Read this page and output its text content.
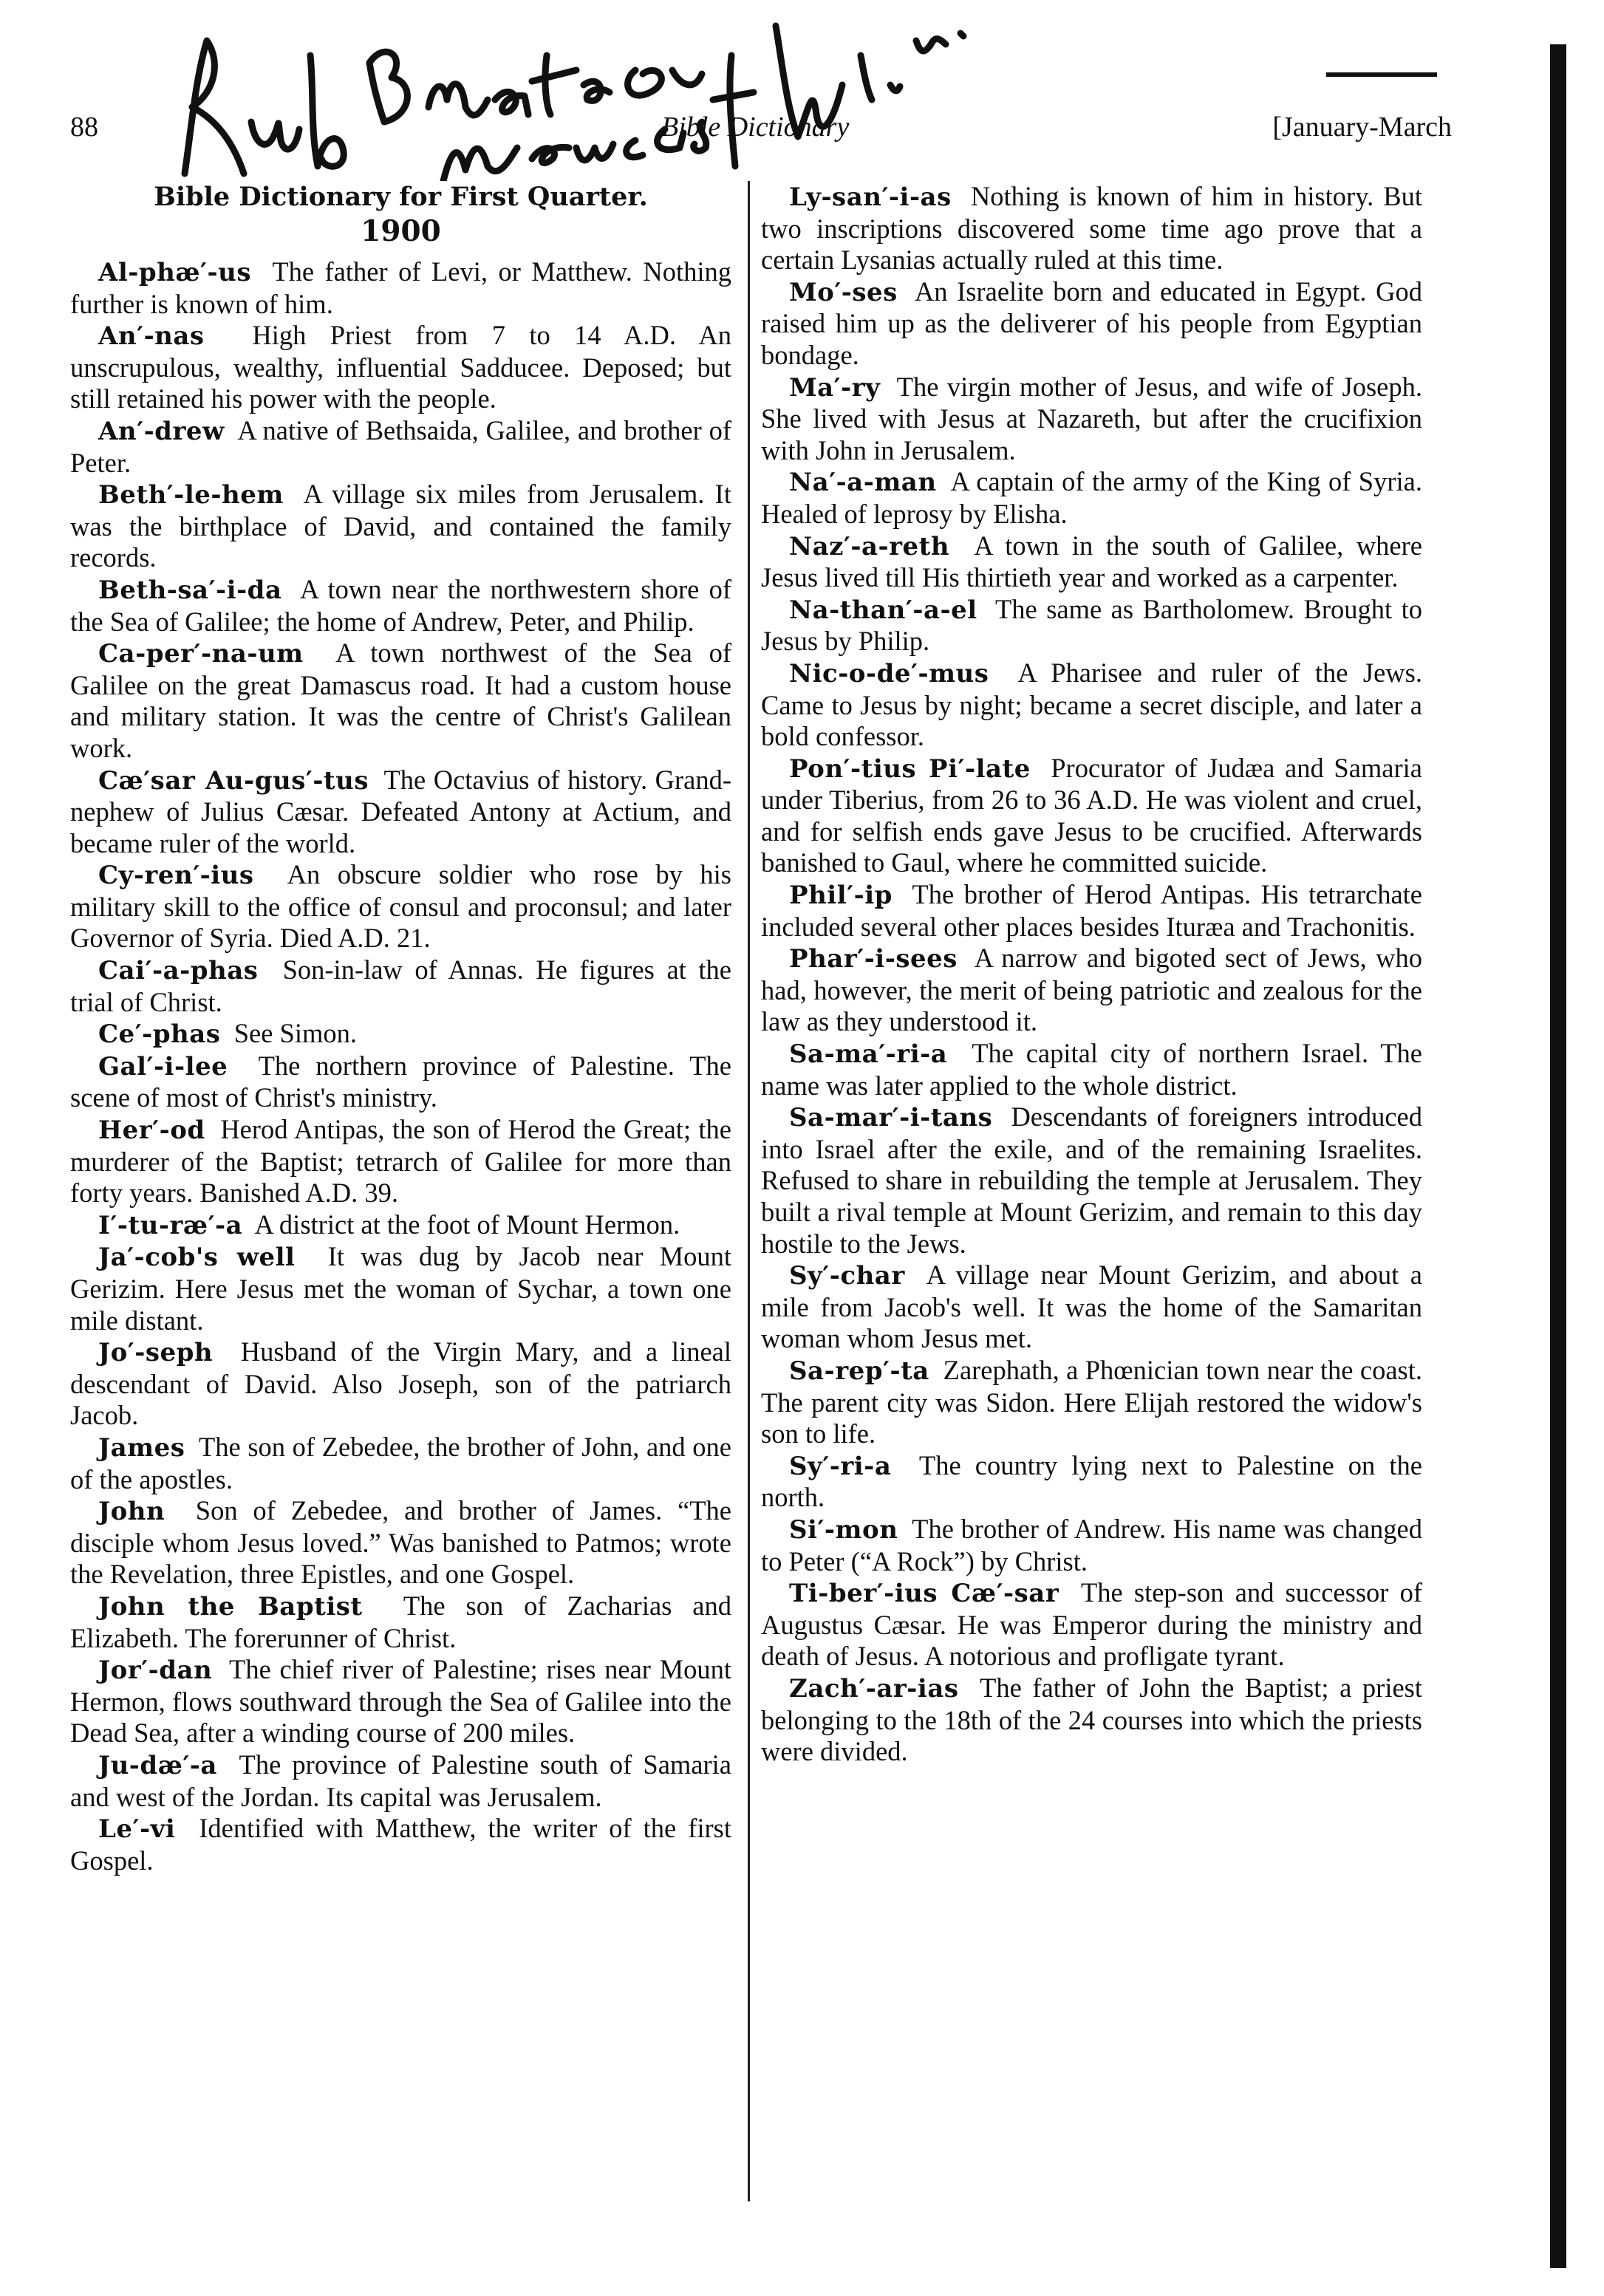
88	Bible Dictionary	[January-March
Bible Dictionary for First Quarter.
1900

Al-phæ′-us The father of Levi, or Matthew. Nothing further is known of him.

An′-nas High Priest from 7 to 14 A.D. An unscrupulous, wealthy, influential Sadducee. Deposed; but still retained his power with the people.

An′-drew A native of Bethsaida, Galilee, and brother of Peter.

Beth′-le-hem A village six miles from Jerusalem. It was the birthplace of David, and contained the family records.

Beth-sa′-i-da A town near the northwestern shore of the Sea of Galilee; the home of Andrew, Peter, and Philip.

Ca-per′-na-um A town northwest of the Sea of Galilee on the great Damascus road. It had a custom house and military station. It was the centre of Christ's Galilean work.

Cæ′sar Au-gus′-tus The Octavius of history. Grand-nephew of Julius Cæsar. Defeated Antony at Actium, and became ruler of the world.

Cy-ren′-ius An obscure soldier who rose by his military skill to the office of consul and proconsul; and later Governor of Syria. Died A.D. 21.

Cai′-a-phas Son-in-law of Annas. He figures at the trial of Christ.

Ce′-phas See Simon.

Gal′-i-lee The northern province of Palestine. The scene of most of Christ's ministry.

Her′-od Herod Antipas, the son of Herod the Great; the murderer of the Baptist; tetrarch of Galilee for more than forty years. Banished A.D. 39.

I′-tu-ræ′-a A district at the foot of Mount Hermon.

Ja′-cob's well It was dug by Jacob near Mount Gerizim. Here Jesus met the woman of Sychar, a town one mile distant.

Jo′-seph Husband of the Virgin Mary, and a lineal descendant of David. Also Joseph, son of the patriarch Jacob.

James The son of Zebedee, the brother of John, and one of the apostles.

John Son of Zebedee, and brother of James. “The disciple whom Jesus loved.” Was banished to Patmos; wrote the Revelation, three Epistles, and one Gospel.

John the Baptist The son of Zacharias and Elizabeth. The forerunner of Christ.

Jor′-dan The chief river of Palestine; rises near Mount Hermon, flows southward through the Sea of Galilee into the Dead Sea, after a winding course of 200 miles.

Ju-dæ′-a The province of Palestine south of Samaria and west of the Jordan. Its capital was Jerusalem.

Le′-vi Identified with Matthew, the writer of the first Gospel.

Ly-san′-i-as Nothing is known of him in history. But two inscriptions discovered some time ago prove that a certain Lysanias actually ruled at this time.

Mo′-ses An Israelite born and educated in Egypt. God raised him up as the deliverer of his people from Egyptian bondage.

Ma′-ry The virgin mother of Jesus, and wife of Joseph. She lived with Jesus at Nazareth, but after the crucifixion with John in Jerusalem.

Na′-a-man A captain of the army of the King of Syria. Healed of leprosy by Elisha.

Naz′-a-reth A town in the south of Galilee, where Jesus lived till His thirtieth year and worked as a carpenter.

Na-than′-a-el The same as Bartholomew. Brought to Jesus by Philip.

Nic-o-de′-mus A Pharisee and ruler of the Jews. Came to Jesus by night; became a secret disciple, and later a bold confessor.

Pon′-tius Pi′-late Procurator of Judæa and Samaria under Tiberius, from 26 to 36 A.D. He was violent and cruel, and for selfish ends gave Jesus to be crucified. Afterwards banished to Gaul, where he committed suicide.

Phil′-ip The brother of Herod Antipas. His tetrarchate included several other places besides Ituræa and Trachonitis.

Phar′-i-sees A narrow and bigoted sect of Jews, who had, however, the merit of being patriotic and zealous for the law as they understood it.

Sa-ma′-ri-a The capital city of northern Israel. The name was later applied to the whole district.

Sa-mar′-i-tans Descendants of foreigners introduced into Israel after the exile, and of the remaining Israelites. Refused to share in rebuilding the temple at Jerusalem. They built a rival temple at Mount Gerizim, and remain to this day hostile to the Jews.

Sy′-char A village near Mount Gerizim, and about a mile from Jacob's well. It was the home of the Samaritan woman whom Jesus met.

Sa-rep′-ta Zarephath, a Phœnician town near the coast. The parent city was Sidon. Here Elijah restored the widow's son to life.

Sy′-ri-a The country lying next to Palestine on the north.

Si′-mon The brother of Andrew. His name was changed to Peter (“A Rock”) by Christ.

Ti-ber′-ius Cæ′-sar The step-son and successor of Augustus Cæsar. He was Emperor during the ministry and death of Jesus. A notorious and profligate tyrant.

Zach′-ar-ias The father of John the Baptist; a priest belonging to the 18th of the 24 courses into which the priests were divided.
